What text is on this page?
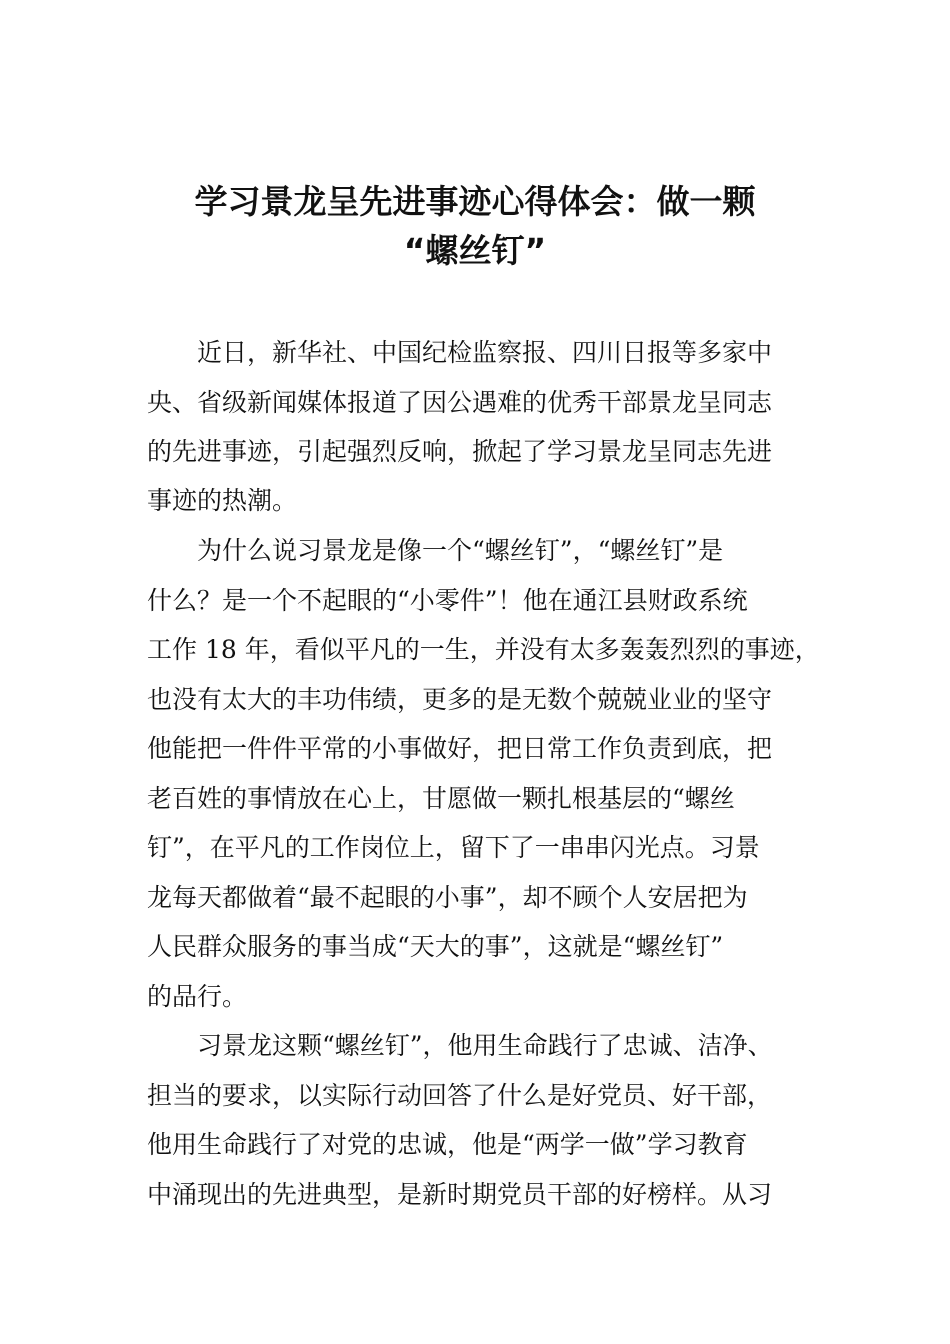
学习景龙呈先进事迹心得体会：做一颗
“螺丝钉”

近日，新华社、中国纪检监察报、四川日报等多家中

央、省级新闻媒体报道了因公遇难的优秀干部景龙呈同志

的先进事迹，引起强烈反响，掀起了学习景龙呈同志先进

事迹的热潮。

为什么说习景龙是像一个“螺丝钉”，“螺丝钉”是

什么？是一个不起眼的“小零件”！他在通江县财政系统

工作 18 年，看似平凡的一生，并没有太多轰轰烈烈的事迹，

也没有太大的丰功伟绩，更多的是无数个兢兢业业的坚守

他能把一件件平常的小事做好，把日常工作负责到底，把

老百姓的事情放在心上，甘愿做一颗扎根基层的“螺丝

钉”，在平凡的工作岗位上，留下了一串串闪光点。习景

龙每天都做着“最不起眼的小事”，却不顾个人安居把为

人民群众服务的事当成“天大的事”，这就是“螺丝钉”

的品行。

习景龙这颗“螺丝钉”，他用生命践行了忠诚、洁净、

担当的要求，以实际行动回答了什么是好党员、好干部，

他用生命践行了对党的忠诚，他是“两学一做”学习教育

中涌现出的先进典型，是新时期党员干部的好榜样。从习
